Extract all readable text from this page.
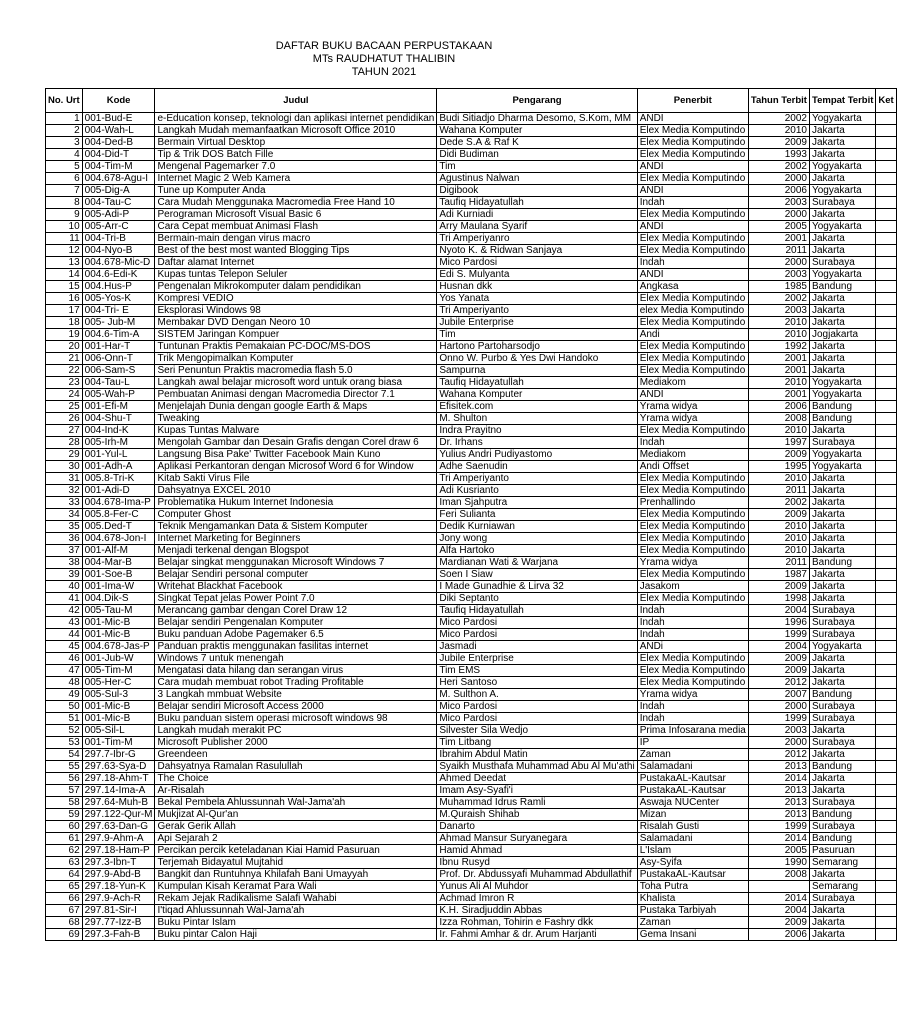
DAFTAR BUKU BACAAN PERPUSTAKAAN
MTs RAUDHATUT THALIBIN
TAHUN 2021
No. Urt	Kode	Judul	Pengarang	Penerbit	Tahun Terbit	Tempat Terbit	Ket
1	001-Bud-E	e-Education konsep, teknologi dan aplikasi internet pendidikan	Budi Sitiadjo Dharma Desomo, S.Kom, MM	ANDI	2002	Yogyakarta	
2	004-Wah-L	Langkah Mudah memanfaatkan Microsoft Office 2010	Wahana Komputer	Elex Media Komputindo	2010	Jakarta	
3	004-Ded-B	Bermain Virtual Desktop	Dede S.A & Raf K	Elex Media Komputindo	2009	Jakarta	
4	004-Did-T	Tip & Trik DOS Batch Fille	Didi Budiman	Elex Media Komputindo	1993	Jakarta	
5	004-Tim-M	Mengenal Pagemarker 7.0	Tim	ANDI	2002	Yogyakarta	
6	004.678-Agu-I	Internet Magic 2 Web Kamera	Agustinus Nalwan	Elex Media Komputindo	2000	Jakarta	
7	005-Dig-A	Tune up Komputer Anda	Digibook	ANDI	2006	Yogyakarta	
8	004-Tau-C	Cara Mudah Menggunaka Macromedia Free Hand 10	Taufiq Hidayatullah	Indah	2003	Surabaya	
9	005-Adi-P	Perograman Microsoft Visual Basic 6	Adi Kurniadi	Elex Media Komputindo	2000	Jakarta	
10	005-Arr-C	Cara Cepat membuat Animasi Flash	Arry Maulana Syarif	ANDI	2005	Yogyakarta	
11	004-Tri-B	Bermain-main dengan virus macro	Tri Amperiyanro	Elex Media Komputindo	2001	Jakarta	
12	004-Nyo-B	Best of the best most wanted Blogging Tips	Nyoto K. & Ridwan Sanjaya	Elex Media Komputindo	2011	Jakarta	
13	004.678-Mic-D	Daftar alamat Internet	Mico Pardosi	Indah	2000	Surabaya	
14	004.6-Edi-K	Kupas tuntas Telepon Seluler	Edi S. Mulyanta	ANDI	2003	Yogyakarta	
15	004.Hus-P	Pengenalan Mikrokomputer dalam pendidikan	Husnan dkk	Angkasa	1985	Bandung	
16	005-Yos-K	Kompresi VEDIO	Yos Yanata	Elex Media Komputindo	2002	Jakarta	
17	004-Tri- E	Eksplorasi Windows 98	Tri Amperiyanto	elex Media Komputindo	2003	Jakarta	
18	005- Jub-M	Membakar DVD Dengan Neoro 10	Jubile Enterprise	Elex Media Komputindo	2010	Jakarta	
19	004.6-Tim-A	SISTEM Jaringan Kompuer	Tim	Andi	2010	Jogjakarta	
20	001-Har-T	Tuntunan Praktis Pemakaian PC-DOC/MS-DOS	Hartono Partoharsodjo	Elex Media Komputindo	1992	Jakarta	
21	006-Onn-T	Trik Mengopimalkan Komputer	Onno W. Purbo & Yes Dwi Handoko	Elex Media Komputindo	2001	Jakarta	
22	006-Sam-S	Seri Penuntun Praktis macromedia flash 5.0	Sampurna	Elex Media Komputindo	2001	Jakarta	
23	004-Tau-L	Langkah awal belajar microsoft word untuk orang biasa	Taufiq Hidayatullah	Mediakom	2010	Yogyakarta	
24	005-Wah-P	Pembuatan Animasi dengan Macromedia Director 7.1	Wahana Komputer	ANDI	2001	Yogyakarta	
25	001-Efi-M	Menjelajah Dunia dengan google Earth & Maps	Efisitek.com	Yrama widya	2006	Bandung	
26	004-Shu-T	Tweaking	M. Shulton	Yrama widya	2008	Bandung	
27	004-Ind-K	Kupas Tuntas Malware	Indra Prayitno	Elex Media Komputindo	2010	Jakarta	
28	005-Irh-M	Mengolah Gambar dan Desain Grafis dengan Corel draw 6	Dr. Irhans	Indah	1997	Surabaya	
29	001-Yul-L	Langsung Bisa Pake' Twitter Facebook Main Kuno	Yulius Andri Pudiyastomo	Mediakom	2009	Yogyakarta	
30	001-Adh-A	Aplikasi Perkantoran dengan Microsof Word 6 for Window	Adhe Saenudin	Andi Offset	1995	Yogyakarta	
31	005.8-Tri-K	Kitab Sakti Virus File	Tri Amperiyanto	Elex Media Komputindo	2010	Jakarta	
32	001-Adi-D	Dahsyatnya EXCEL 2010	Adi Kusrianto	Elex Media Komputindo	2011	Jakarta	
33	004.678-Ima-P	Problematika Hukum Internet Indonesia	Iman Sjahputra	Prenhallindo	2002	Jakarta	
34	005.8-Fer-C	Computer Ghost	Feri Sulianta	Elex Media Komputindo	2009	Jakarta	
35	005.Ded-T	Teknik Mengamankan Data & Sistem Komputer	Dedik Kurniawan	Elex Media Komputindo	2010	Jakarta	
36	004.678-Jon-I	Internet Marketing for Beginners	Jony wong	Elex Media Komputindo	2010	Jakarta	
37	001-Alf-M	Menjadi terkenal dengan Blogspot	Alfa Hartoko	Elex Media Komputindo	2010	Jakarta	
38	004-Mar-B	Belajar singkat menggunakan Microsoft Windows 7	Mardianan Wati & Warjana	Yrama widya	2011	Bandung	
39	001-Soe-B	Belajar Sendiri personal computer	Soen I Siaw	Elex Media Komputindo	1987	Jakarta	
40	001-Ima-W	Writehat Blackhat Facebook	I Made Gunadhie & Lirva 32	Jasakom	2009	Jakarta	
41	004.Dik-S	Singkat Tepat jelas Power Point 7.0	Diki Septanto	Elex Media Komputindo	1998	Jakarta	
42	005-Tau-M	Merancang gambar dengan Corel Draw 12	Taufiq Hidayatullah	Indah	2004	Surabaya	
43	001-Mic-B	Belajar sendiri Pengenalan Komputer	Mico Pardosi	Indah	1996	Surabaya	
44	001-Mic-B	Buku panduan Adobe Pagemaker 6.5	Mico Pardosi	Indah	1999	Surabaya	
45	004.678-Jas-P	Panduan praktis menggunakan fasilitas internet	Jasmadi	ANDi	2004	Yogyakarta	
46	001-Jub-W	Windows 7 untuk menengah	Jubile Enterprise	Elex Media Komputindo	2009	Jakarta	
47	005-Tim-M	Mengatasi data hilang dan serangan virus	Tim EMS	Elex Media Komputindo	2009	Jakarta	
48	005-Her-C	Cara mudah membuat robot Trading Profitable	Heri Santoso	Elex Media Komputindo	2012	Jakarta	
49	005-Sul-3	3 Langkah mmbuat Website	M. Sulthon A.	Yrama widya	2007	Bandung	
50	001-Mic-B	Belajar sendiri Microsoft Access 2000	Mico Pardosi	Indah	2000	Surabaya	
51	001-Mic-B	Buku panduan sistem operasi microsoft windows 98	Mico Pardosi	Indah	1999	Surabaya	
52	005-Sil-L	Langkah mudah merakit PC	Silvester Sila Wedjo	Prima Infosarana media	2003	Jakarta	
53	001-Tim-M	Microsoft Publisher 2000	Tim Litbang	IP	2000	Surabaya	
54	297.7-Ibr-G	Greendeen	Ibrahim Abdul Matin	Zaman	2012	Jakarta	
55	297.63-Sya-D	Dahsyatnya Ramalan Rasulullah	Syaikh Musthafa Muhammad Abu Al Mu'athi	Salamadani	2013	Bandung	
56	297.18-Ahm-T	The Choice	Ahmed Deedat	PustakaAL-Kautsar	2014	Jakarta	
57	297.14-Ima-A	Ar-Risalah	Imam Asy-Syafi'i	PustakaAL-Kautsar	2013	Jakarta	
58	297.64-Muh-B	Bekal Pembela Ahlussunnah Wal-Jama'ah	Muhammad Idrus Ramli	Aswaja NUCenter	2013	Surabaya	
59	297.122-Qur-M	Mukjizat Al-Qur'an	M.Quraish Shihab	Mizan	2013	Bandung	
60	297.63-Dan-G	Gerak Gerik Allah	Danarto	Risalah Gusti	1999	Surabaya	
61	297.9-Ahm-A	Api Sejarah 2	Ahmad Mansur Suryanegara	Salamadani	2014	Bandung	
62	297.18-Ham-P	Percikan percik keteladanan Kiai Hamid Pasuruan	Hamid Ahmad	L'Islam	2005	Pasuruan	
63	297.3-Ibn-T	Terjemah Bidayatul Mujtahid	Ibnu Rusyd	Asy-Syifa	1990	Semarang	
64	297.9-Abd-B	Bangkit dan Runtuhnya Khilafah Bani Umayyah	Prof. Dr. Abdussyafi Muhammad Abdullathif	PustakaAL-Kautsar	2008	Jakarta	
65	297.18-Yun-K	Kumpulan Kisah Keramat Para Wali	Yunus Ali Al Muhdor	Toha Putra		Semarang	
66	297.9-Ach-R	Rekam Jejak Radikalisme Salafi Wahabi	Achmad Imron R	Khalista	2014	Surabaya	
67	297.81-Sir-I	I'tiqad Ahlussunnah Wal-Jama'ah	K.H. Siradjuddin Abbas	Pustaka Tarbiyah	2004	Jakarta	
68	297.77-Izz-B	Buku Pintar Islam	Izza Rohman, Tohirin e Fashry dkk	Zaman	2009	Jakarta	
69	297.3-Fah-B	Buku pintar Calon Haji	Ir. Fahmi Amhar & dr. Arum Harjanti	Gema Insani	2006	Jakarta	
